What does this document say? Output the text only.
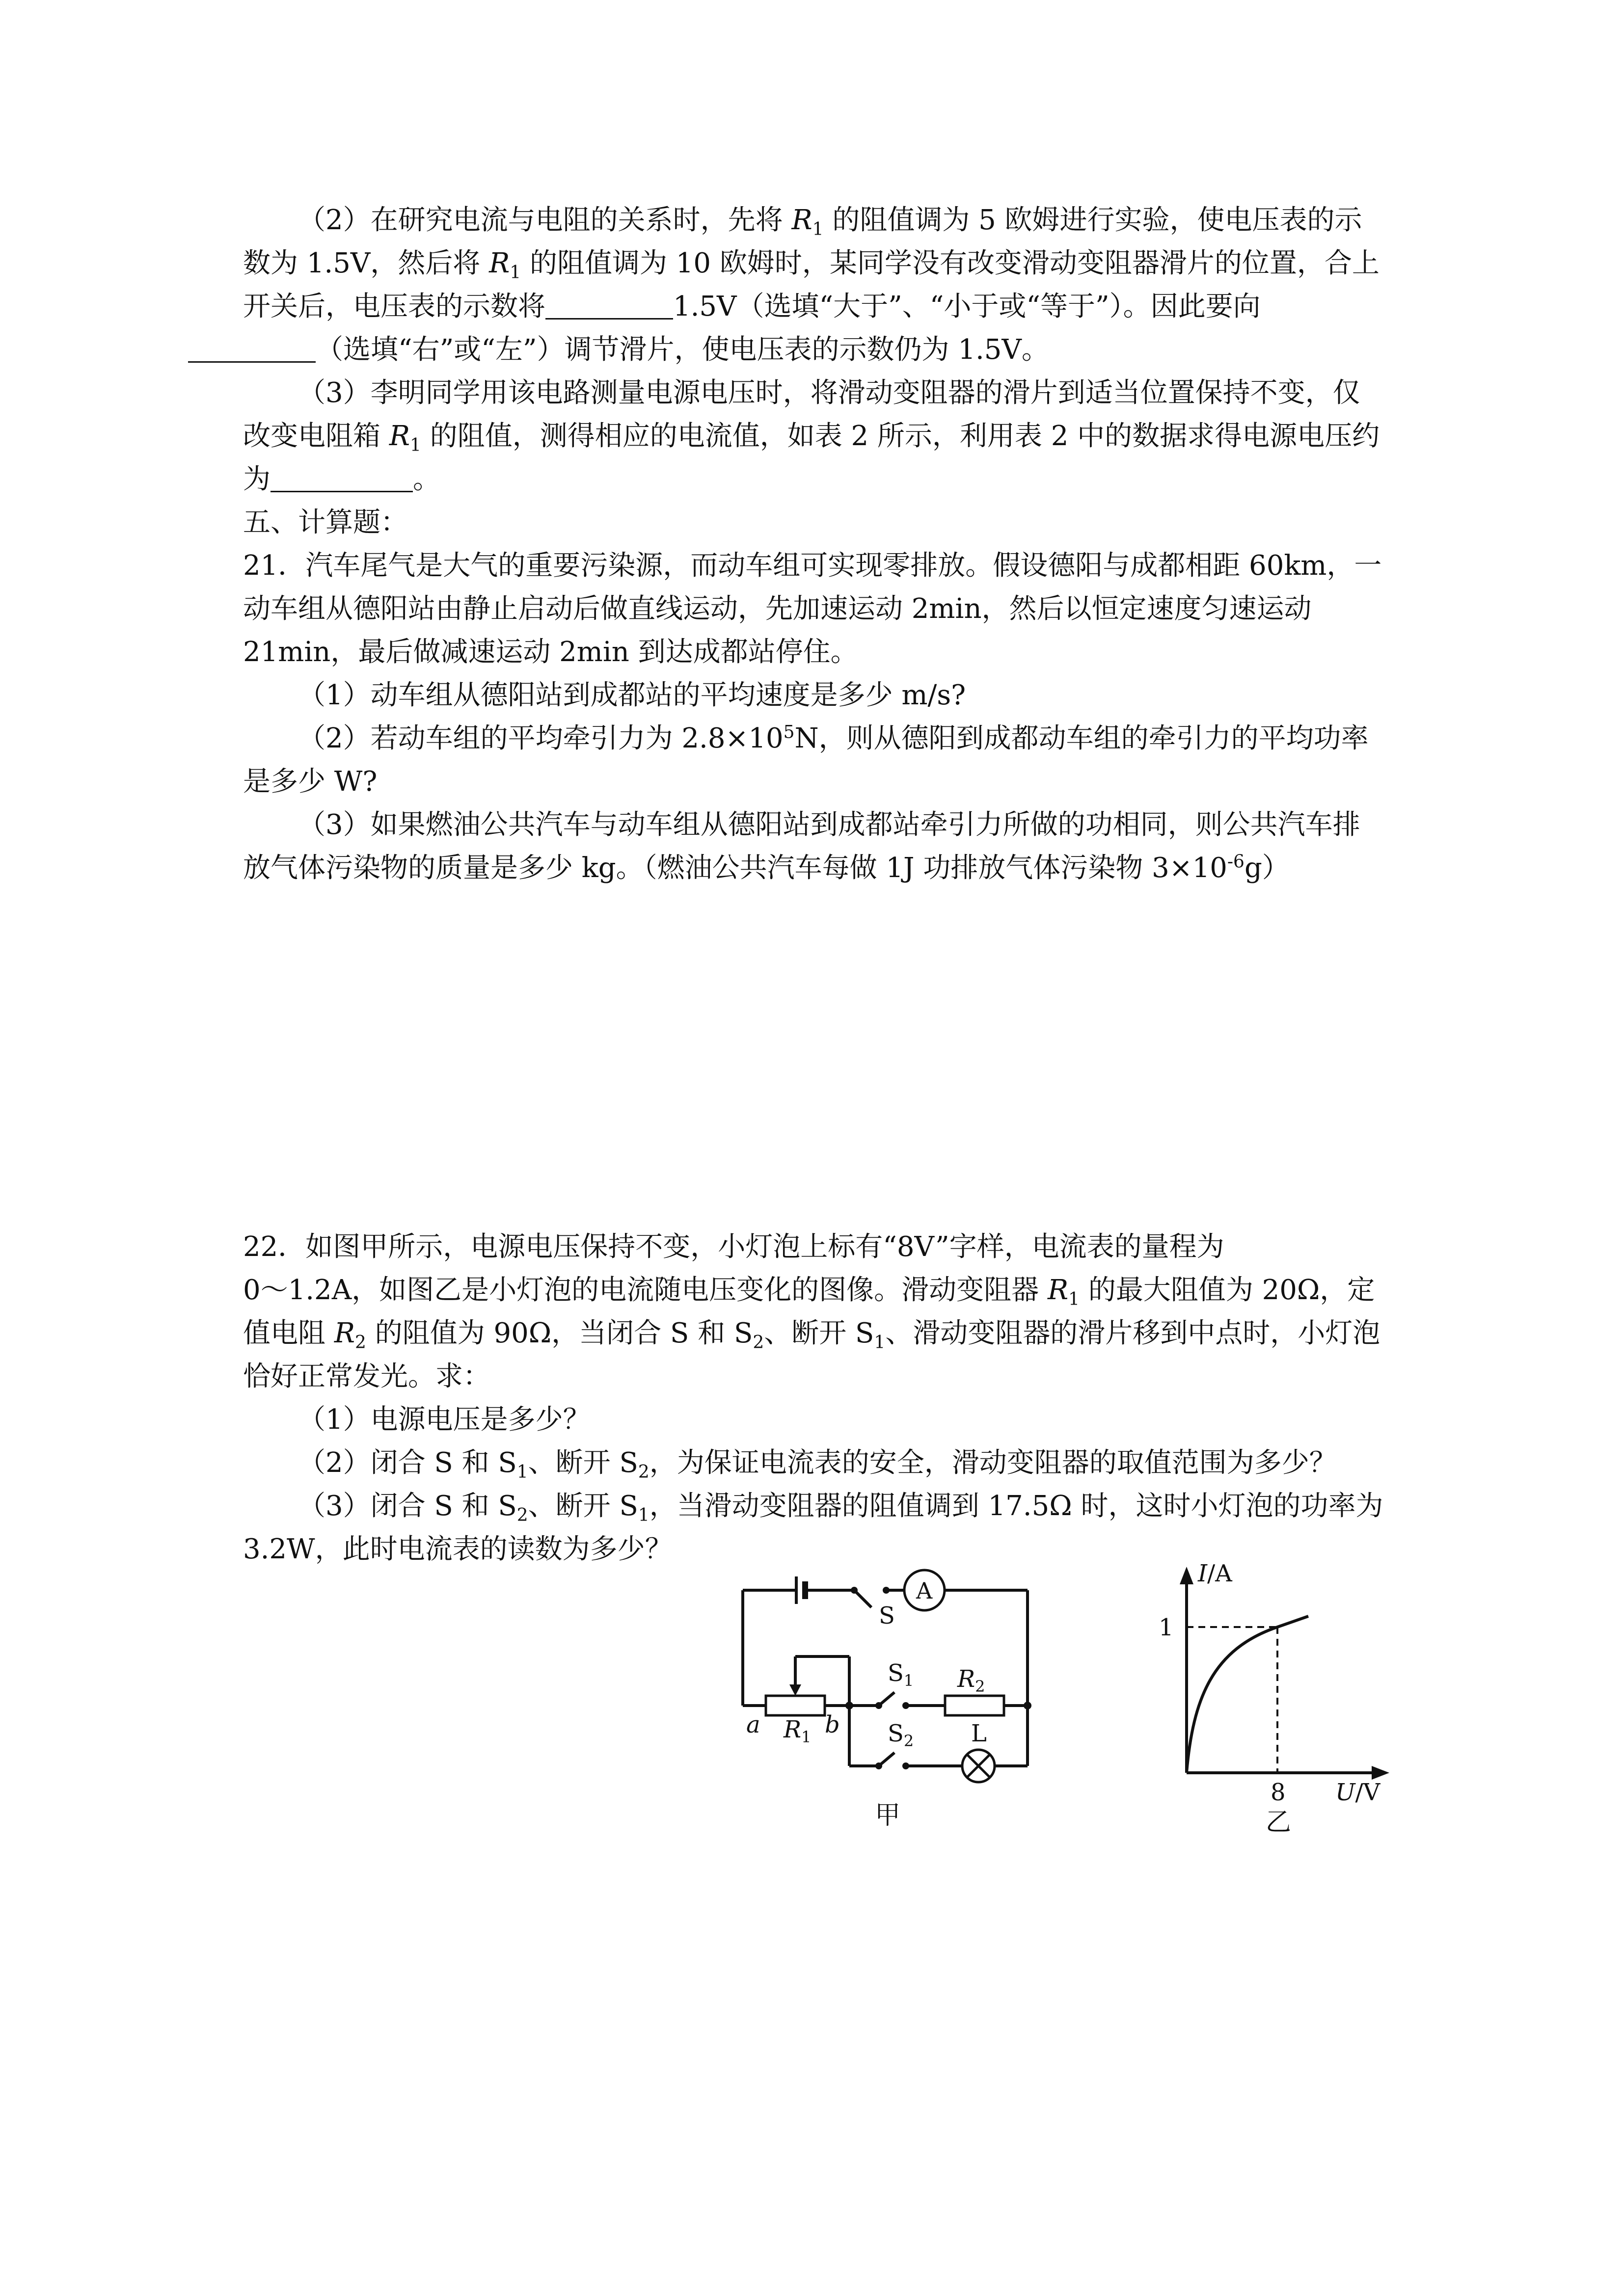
（2）在研究电流与电阻的关系时，先将 $R_1$ 的阻值调为 5 欧姆进行实验，使电压表的示数为 1.5V，然后将 $R_1$ 的阻值调为 10 欧姆时，某同学没有改变滑动变阻器滑片的位置，合上开关后，电压表的示数将	1.5V（选填“大于”、“小于或“等于”）。因此要向
（选填“右”或“左”）调节滑片，使电压表的示数仍为 1.5V。

（3）李明同学用该电路测量电源电压时，将滑动变阻器的滑片到适当位置保持不变，仅改变电阻箱 $R_1$ 的阻值，测得相应的电流值，如表 2 所示，利用表 2 中的数据求得电源电压约为	。

五、计算题：

21．汽车尾气是大气的重要污染源，而动车组可实现零排放。假设德阳与成都相距 60km，一动车组从德阳站由静止启动后做直线运动，先加速运动 2min，然后以恒定速度匀速运动 21min，最后做减速运动 2min 到达成都站停住。

（1）动车组从德阳站到成都站的平均速度是多少 m/s?

（2）若动车组的平均牵引力为 $2.8\times 10^5N$，则从德阳到成都动车组的牵引力的平均功率是多少 W?

（3）如果燃油公共汽车与动车组从德阳站到成都站牵引力所做的功相同，则公共汽车排放气体污染物的质量是多少 kg。（燃油公共汽车每做 1J 功排放气体污染物 $3\times 10^{-6}g$）

22．如图甲所示，电源电压保持不变，小灯泡上标有“8V”字样，电流表的量程为
0～1.2A，如图乙是小灯泡的电流随电压变化的图像。滑动变阻器 $R_1$ 的最大阻值为 20Ω，定值电阻 $R_2$ 的阻值为 90Ω，当闭合 S 和 $S_2$、断开 $S_1$、滑动变阻器的滑片移到中点时，小灯泡恰好正常发光。求：

（1）电源电压是多少？

（2）闭合 S 和 $S_1$、断开 $S_2$，为保证电流表的安全，滑动变阻器的取值范围为多少？

（3）闭合 S 和 $S_2$、断开 $S_1$，当滑动变阻器的阻值调到 17.5Ω 时，这时小灯泡的功率为 3.2W，此时电流表的读数为多少？

S
A
$S_1$ $R_2$
a $R_1$ b $S_2$ L
甲
I/A
1
8 U/V
乙
